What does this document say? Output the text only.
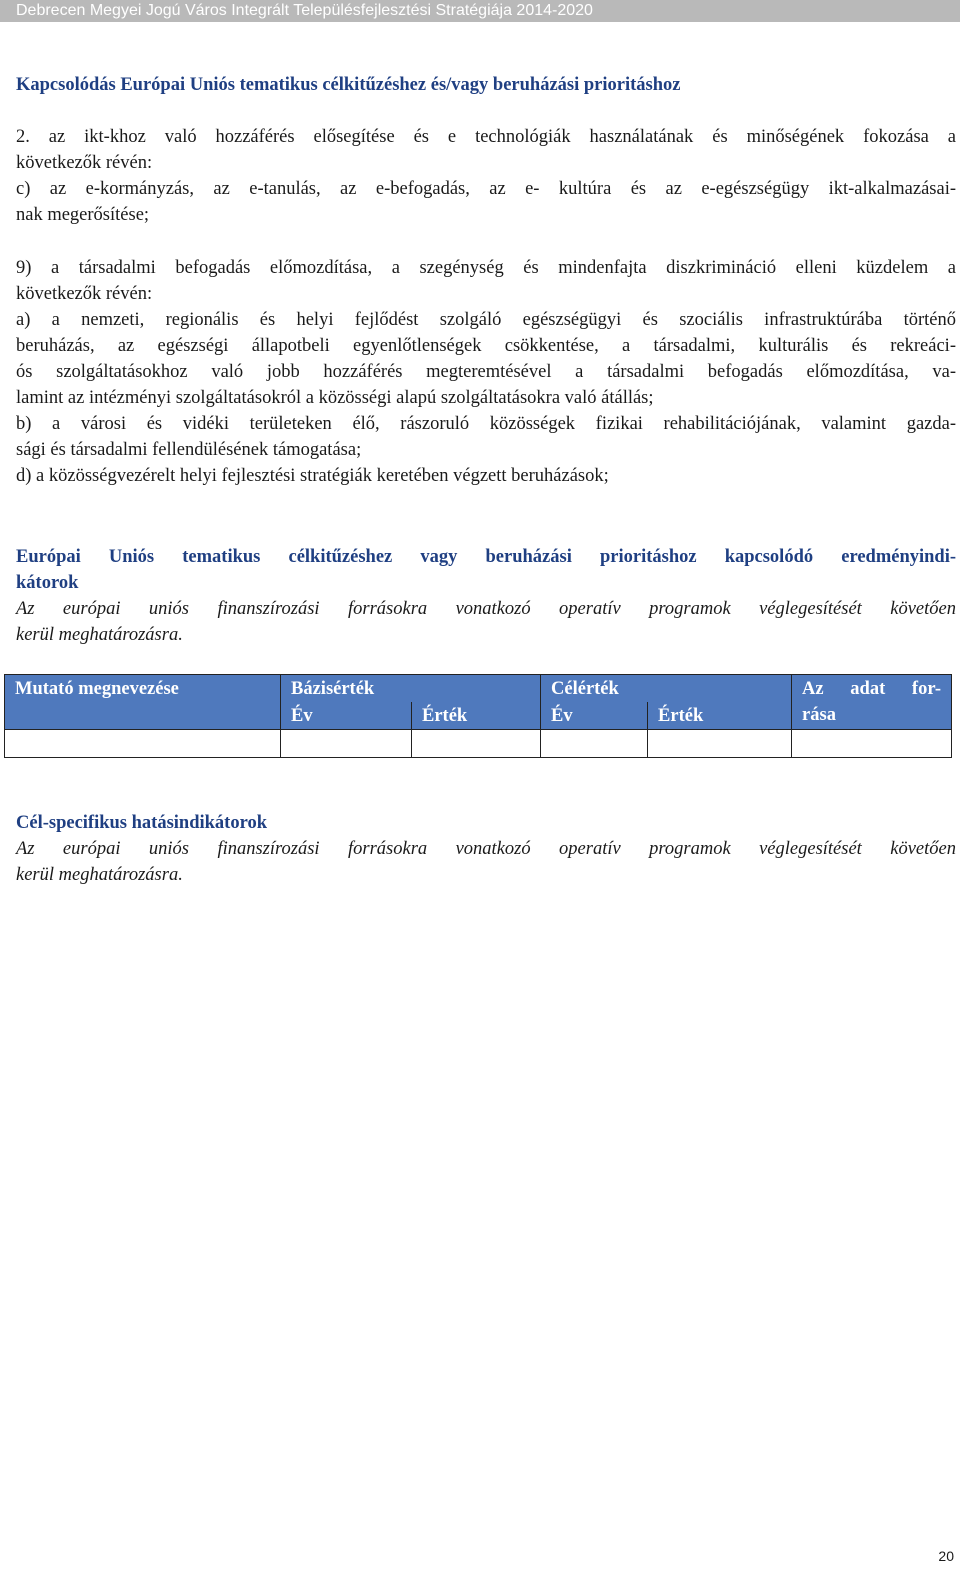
Debrecen Megyei Jogú Város Integrált Településfejlesztési Stratégiája 2014-2020
Kapcsolódás Európai Uniós tematikus célkitűzéshez és/vagy beruházási prioritáshoz
2. az ikt-khoz való hozzáférés elősegítése és e technológiák használatának és minőségének fokozása a
következők révén:
c) az e-kormányzás, az e-tanulás, az e-befogadás, az e- kultúra és az e-egészségügy ikt-alkalmazásai-
nak megerősítése;
9) a társadalmi befogadás előmozdítása, a szegénység és mindenfajta diszkrimináció elleni küzdelem a
következők révén:
a) a nemzeti, regionális és helyi fejlődést szolgáló egészségügyi és szociális infrastruktúrába történő
beruházás, az egészségi állapotbeli egyenlőtlenségek csökkentése, a társadalmi, kulturális és rekreáci-
ós szolgáltatásokhoz való jobb hozzáférés megteremtésével a társadalmi befogadás előmozdítása, va-
lamint az intézményi szolgáltatásokról a közösségi alapú szolgáltatásokra való átállás;
b) a városi és vidéki területeken élő, rászoruló közösségek fizikai rehabilitációjának, valamint gazda-
sági és társadalmi fellendülésének támogatása;
d) a közösségvezérelt helyi fejlesztési stratégiák keretében végzett beruházások;
Európai Uniós tematikus célkitűzéshez vagy beruházási prioritáshoz kapcsolódó eredményindi-
kátorok
Az európai uniós finanszírozási forrásokra vonatkozó operatív programok véglegesítését követően
kerül meghatározásra.
Mutató megnevezése	Bázisérték		Célérték		Az adat for-
rása

	Év	Érték	Év	Érték	

Cél-specifikus hatásindikátorok
Az európai uniós finanszírozási forrásokra vonatkozó operatív programok véglegesítését követően
kerül meghatározásra.
20
